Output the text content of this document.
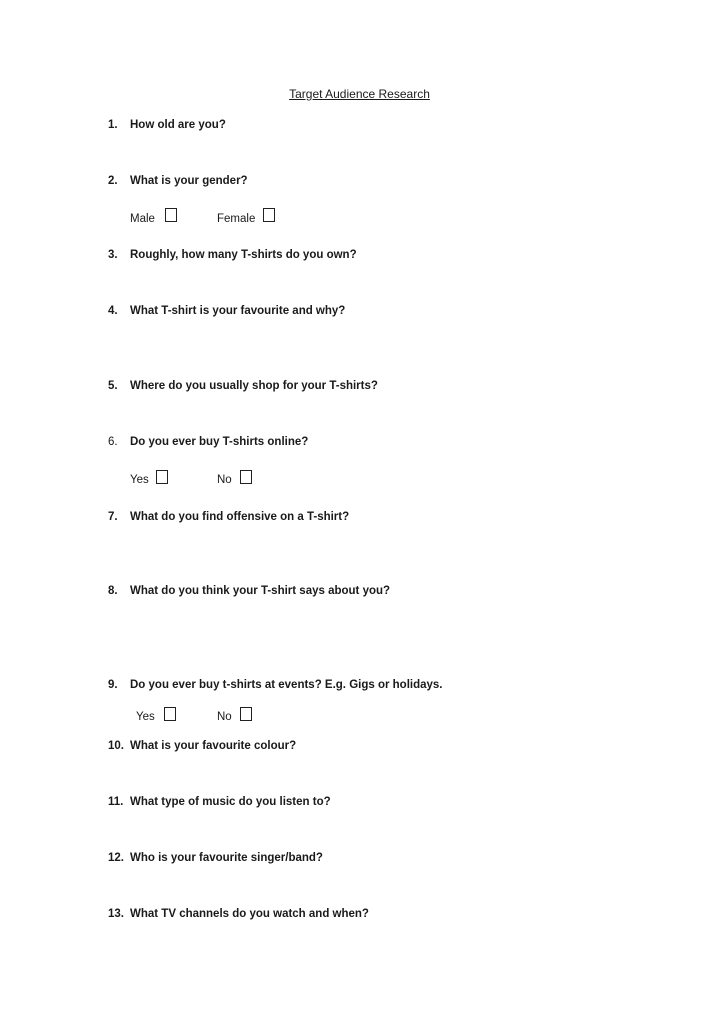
Target Audience Research
1. How old are you?
2. What is your gender?
Male	Female
3. Roughly, how many T-shirts do you own?
4. What T-shirt is your favourite and why?
5. Where do you usually shop for your T-shirts?
6. Do you ever buy T-shirts online?
Yes	No
7. What do you find offensive on a T-shirt?
8. What do you think your T-shirt says about you?
9. Do you ever buy t-shirts at events? E.g. Gigs or holidays.
Yes	No
10. What is your favourite colour?
11. What type of music do you listen to?
12. Who is your favourite singer/band?
13. What TV channels do you watch and when?
